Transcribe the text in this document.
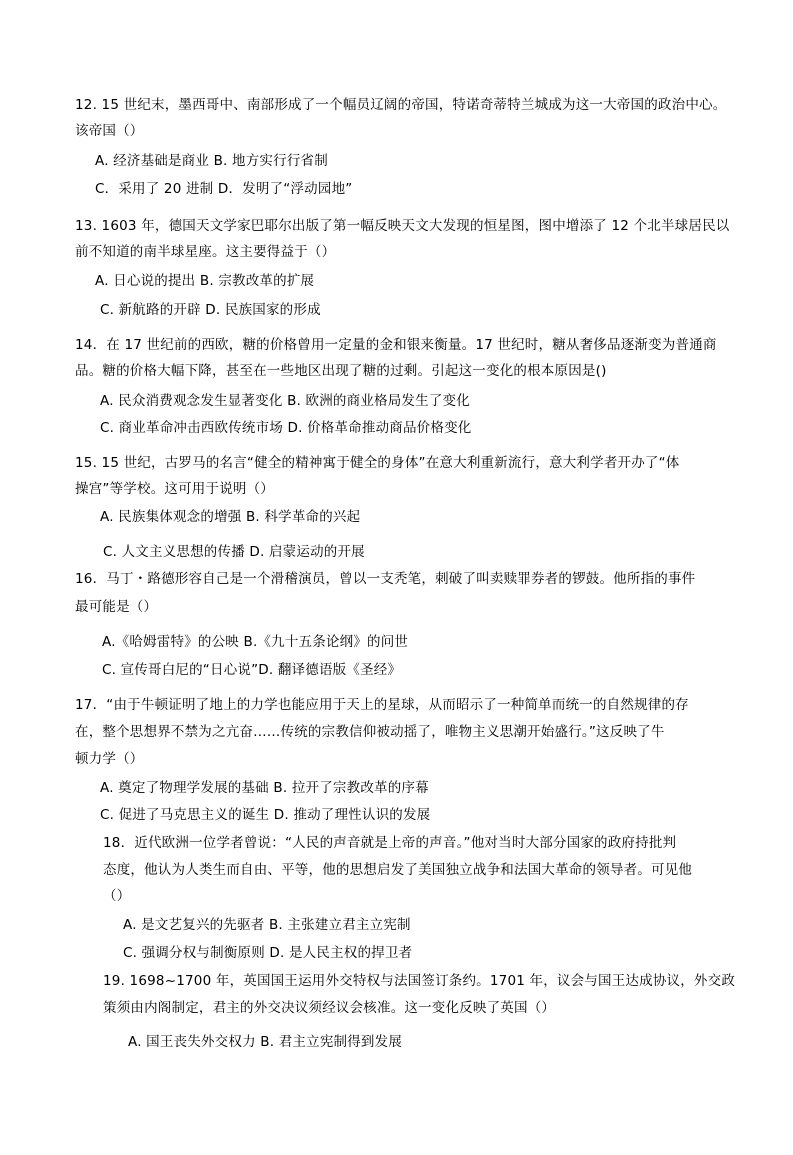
12. 15 世纪末，墨西哥中、南部形成了一个幅员辽阔的帝国，特诺奇蒂特兰城成为这一大帝国的政治中心。
该帝国（）
A. 经济基础是商业 B. 地方实行行省制
C．采用了 20 进制 D．发明了“浮动园地”
13. 1603 年，德国天文学家巴耶尔出版了第一幅反映天文大发现的恒星图，图中增添了 12 个北半球居民以
前不知道的南半球星座。这主要得益于（）
A. 日心说的提出 B. 宗教改革的扩展
C. 新航路的开辟 D. 民族国家的形成
14．在 17 世纪前的西欧，糖的价格曾用一定量的金和银来衡量。17 世纪时，糖从奢侈品逐渐变为普通商
品。糖的价格大幅下降，甚至在一些地区出现了糖的过剩。引起这一变化的根本原因是()
A. 民众消费观念发生显著变化 B. 欧洲的商业格局发生了变化
C. 商业革命冲击西欧传统市场 D. 价格革命推动商品价格变化
15. 15 世纪，古罗马的名言“健全的精神寓于健全的身体”在意大利重新流行，意大利学者开办了“体
操宫”等学校。这可用于说明（）
A. 民族集体观念的增强 B. 科学革命的兴起
C. 人文主义思想的传播 D. 启蒙运动的开展
16．马丁・路德形容自己是一个滑稽演员，曾以一支秃笔，刺破了叫卖赎罪券者的锣鼓。他所指的事件
最可能是（）
A.《哈姆雷特》的公映 B.《九十五条论纲》的问世
C. 宣传哥白尼的“日心说”D. 翻译德语版《圣经》
17．“由于牛顿证明了地上的力学也能应用于天上的星球，从而昭示了一种简单而统一的自然规律的存
在，整个思想界不禁为之亢奋……传统的宗教信仰被动摇了，唯物主义思潮开始盛行。”这反映了牛
顿力学（）
A. 奠定了物理学发展的基础 B. 拉开了宗教改革的序幕
C. 促进了马克思主义的诞生 D. 推动了理性认识的发展
18．近代欧洲一位学者曾说：“人民的声音就是上帝的声音。”他对当时大部分国家的政府持批判
态度，他认为人类生而自由、平等，他的思想启发了美国独立战争和法国大革命的领导者。可见他
（）
A. 是文艺复兴的先驱者 B. 主张建立君主立宪制
C. 强调分权与制衡原则 D. 是人民主权的捍卫者
19. 1698~1700 年，英国国王运用外交特权与法国签订条约。1701 年，议会与国王达成协议，外交政
策须由内阁制定，君主的外交决议须经议会核准。这一变化反映了英国（）
A. 国王丧失外交权力 B. 君主立宪制得到发展
